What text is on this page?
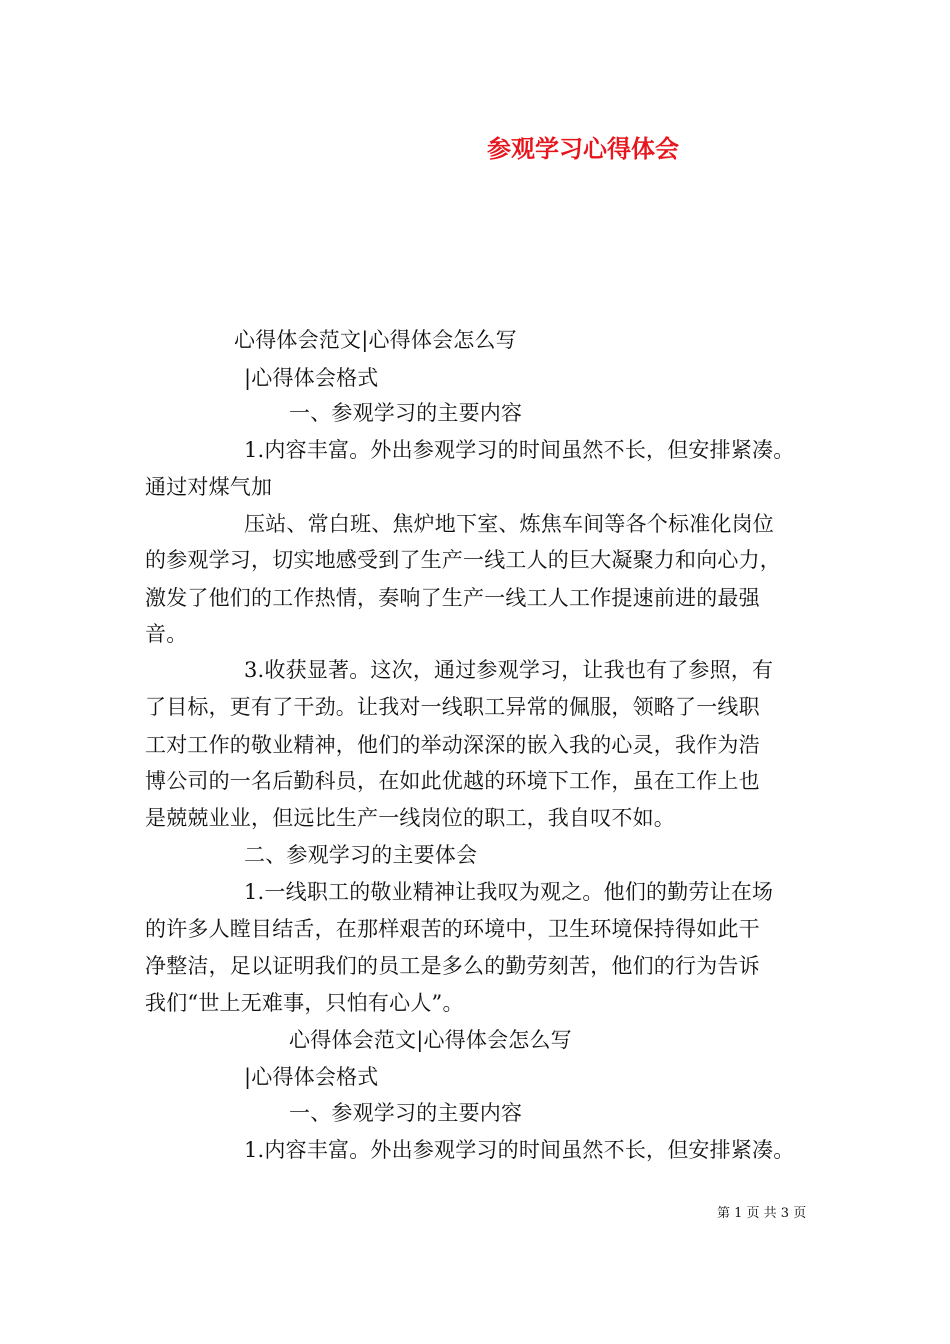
参观学习心得体会
心得体会范文|心得体会怎么写
|心得体会格式
一、参观学习的主要内容
1.内容丰富。外出参观学习的时间虽然不长，但安排紧凑。
通过对煤气加
压站、常白班、焦炉地下室、炼焦车间等各个标准化岗位
的参观学习，切实地感受到了生产一线工人的巨大凝聚力和向心力，
激发了他们的工作热情，奏响了生产一线工人工作提速前进的最强
音。
3.收获显著。这次，通过参观学习，让我也有了参照，有
了目标，更有了干劲。让我对一线职工异常的佩服，领略了一线职
工对工作的敬业精神，他们的举动深深的嵌入我的心灵，我作为浩
博公司的一名后勤科员，在如此优越的环境下工作，虽在工作上也
是兢兢业业，但远比生产一线岗位的职工，我自叹不如。
二、参观学习的主要体会
1.一线职工的敬业精神让我叹为观之。他们的勤劳让在场
的许多人瞠目结舌，在那样艰苦的环境中，卫生环境保持得如此干
净整洁，足以证明我们的员工是多么的勤劳刻苦，他们的行为告诉
我们“世上无难事，只怕有心人”。
心得体会范文|心得体会怎么写
|心得体会格式
一、参观学习的主要内容
1.内容丰富。外出参观学习的时间虽然不长，但安排紧凑。
第 1 页 共 3 页
